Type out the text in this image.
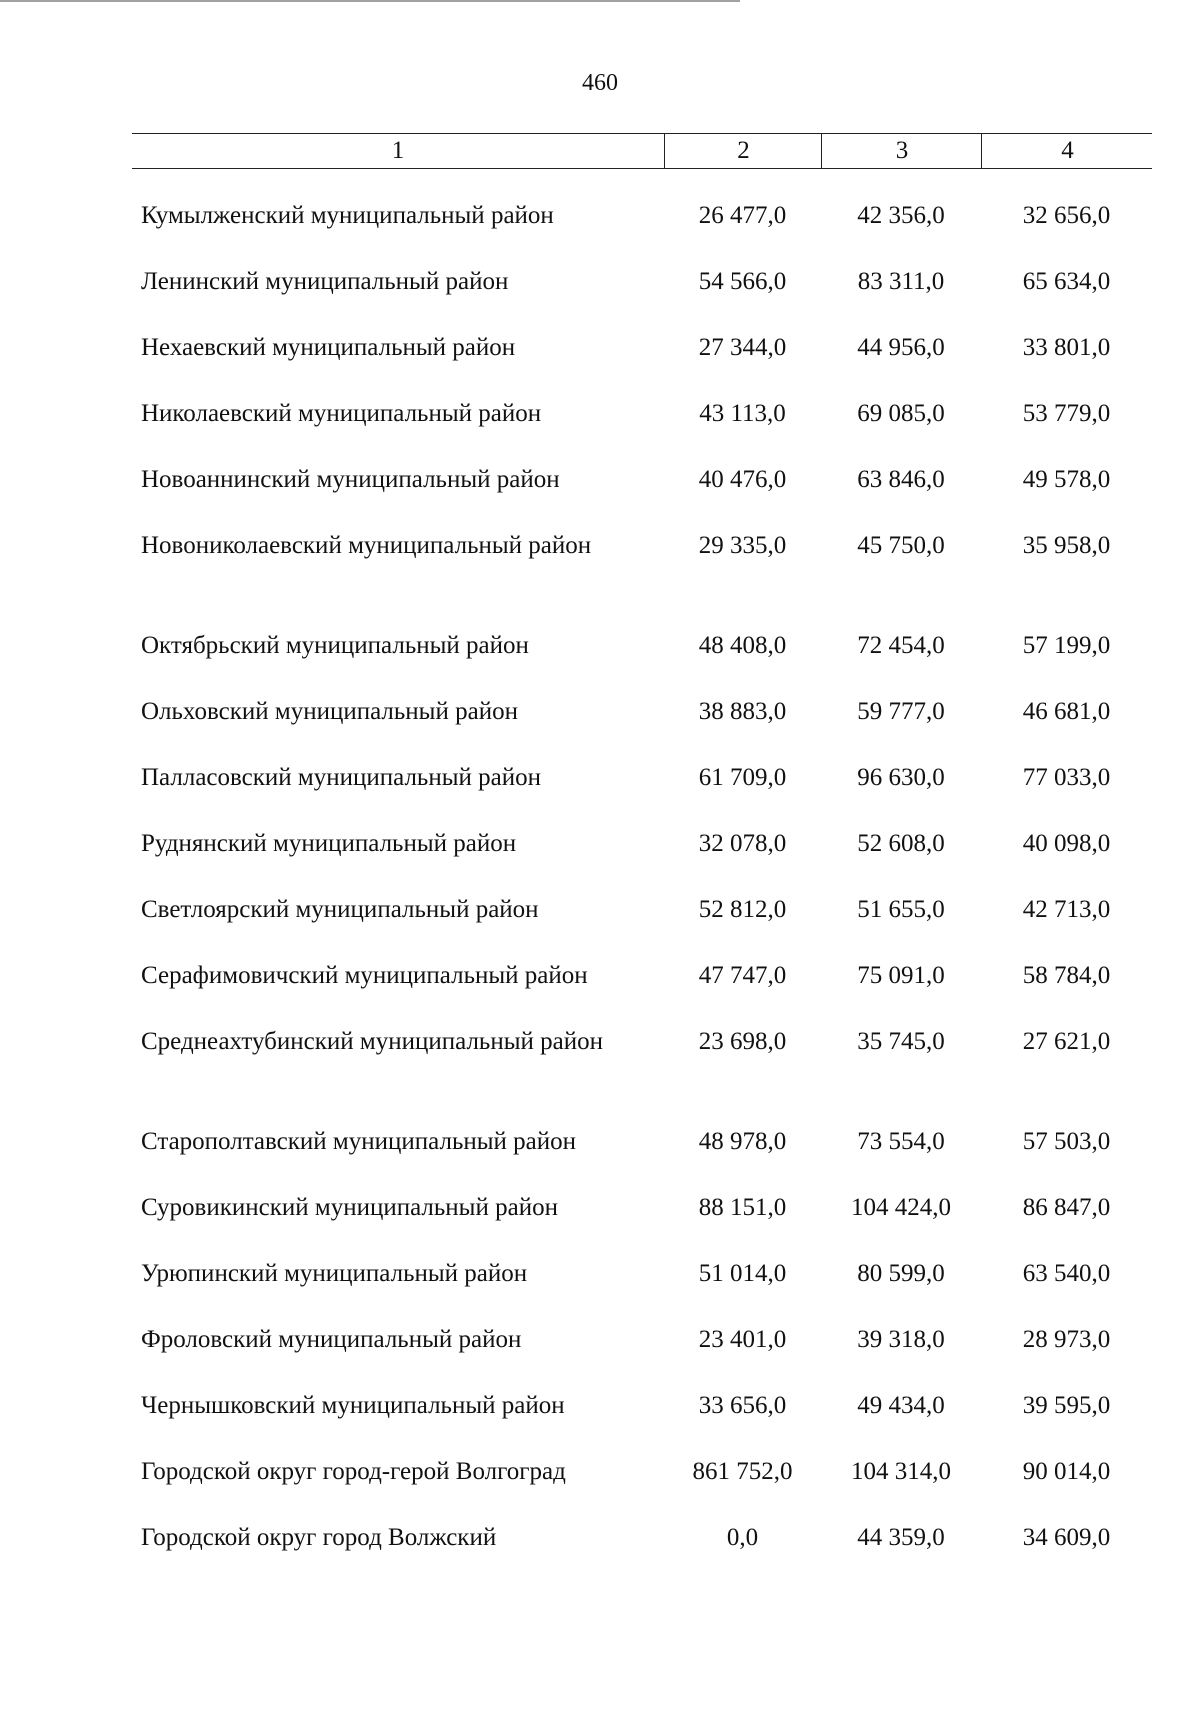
460
1	2	3	4
Кумылженский муниципальный район	26 477,0	42 356,0	32 656,0
Ленинский муниципальный район	54 566,0	83 311,0	65 634,0
Нехаевский муниципальный район	27 344,0	44 956,0	33 801,0
Николаевский муниципальный район	43 113,0	69 085,0	53 779,0
Новоаннинский муниципальный район	40 476,0	63 846,0	49 578,0
Новониколаевский муниципальный район	29 335,0	45 750,0	35 958,0
Октябрьский муниципальный район	48 408,0	72 454,0	57 199,0
Ольховский муниципальный район	38 883,0	59 777,0	46 681,0
Палласовский муниципальный район	61 709,0	96 630,0	77 033,0
Руднянский муниципальный район	32 078,0	52 608,0	40 098,0
Светлоярский муниципальный район	52 812,0	51 655,0	42 713,0
Серафимовичский муниципальный район	47 747,0	75 091,0	58 784,0
Среднеахтубинский муниципальный район	23 698,0	35 745,0	27 621,0
Старополтавский муниципальный район	48 978,0	73 554,0	57 503,0
Суровикинский муниципальный район	88 151,0	104 424,0	86 847,0
Урюпинский муниципальный район	51 014,0	80 599,0	63 540,0
Фроловский муниципальный район	23 401,0	39 318,0	28 973,0
Чернышковский муниципальный район	33 656,0	49 434,0	39 595,0
Городской округ город-герой Волгоград	861 752,0	104 314,0	90 014,0
Городской округ город Волжский	0,0	44 359,0	34 609,0
